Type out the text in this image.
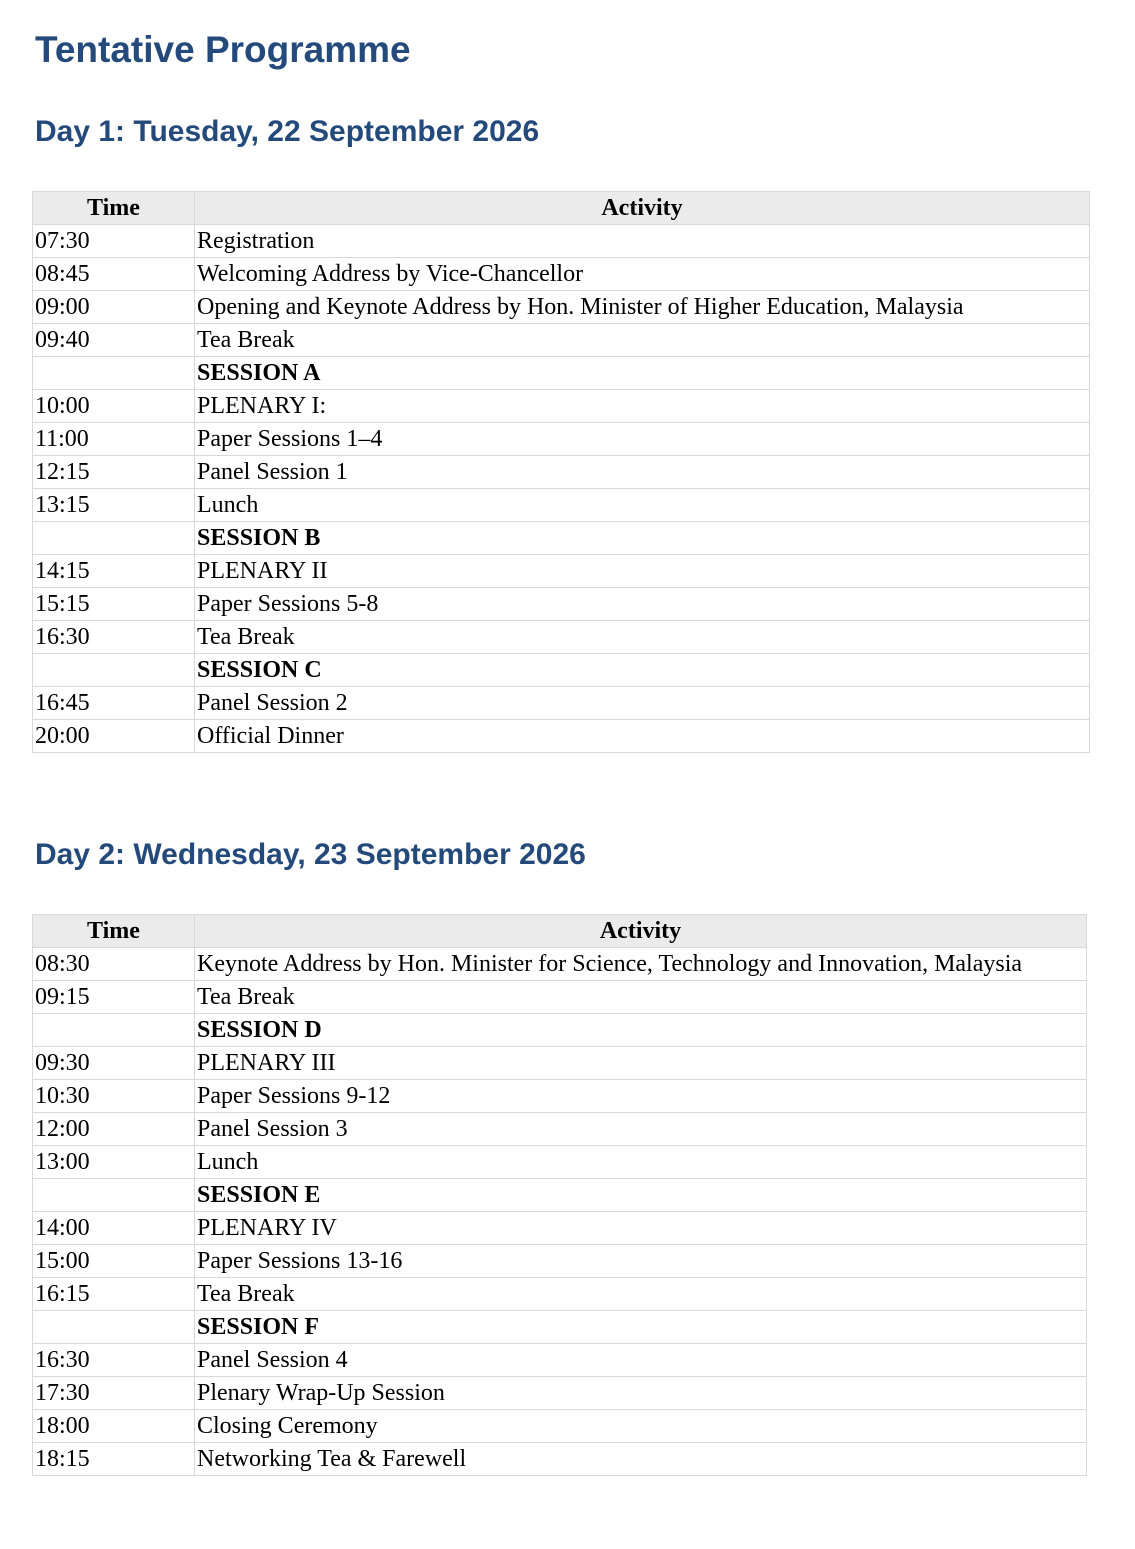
Tentative Programme
Day 1: Tuesday, 22 September 2026
Time	Activity
07:30	Registration
08:45	Welcoming Address by Vice-Chancellor
09:00	Opening and Keynote Address by Hon. Minister of Higher Education, Malaysia
09:40	Tea Break
	SESSION A
10:00	PLENARY I:
11:00	Paper Sessions 1–4
12:15	Panel Session 1
13:15	Lunch
	SESSION B
14:15	PLENARY II
15:15	Paper Sessions 5-8
16:30	Tea Break
	SESSION C
16:45	Panel Session 2
20:00	Official Dinner
Day 2: Wednesday, 23 September 2026
Time	Activity
08:30	Keynote Address by Hon. Minister for Science, Technology and Innovation, Malaysia
09:15	Tea Break
	SESSION D
09:30	PLENARY III
10:30	Paper Sessions 9-12
12:00	Panel Session 3
13:00	Lunch
	SESSION E
14:00	PLENARY IV
15:00	Paper Sessions 13-16
16:15	Tea Break
	SESSION F
16:30	Panel Session 4
17:30	Plenary Wrap-Up Session
18:00	Closing Ceremony
18:15	Networking Tea & Farewell
